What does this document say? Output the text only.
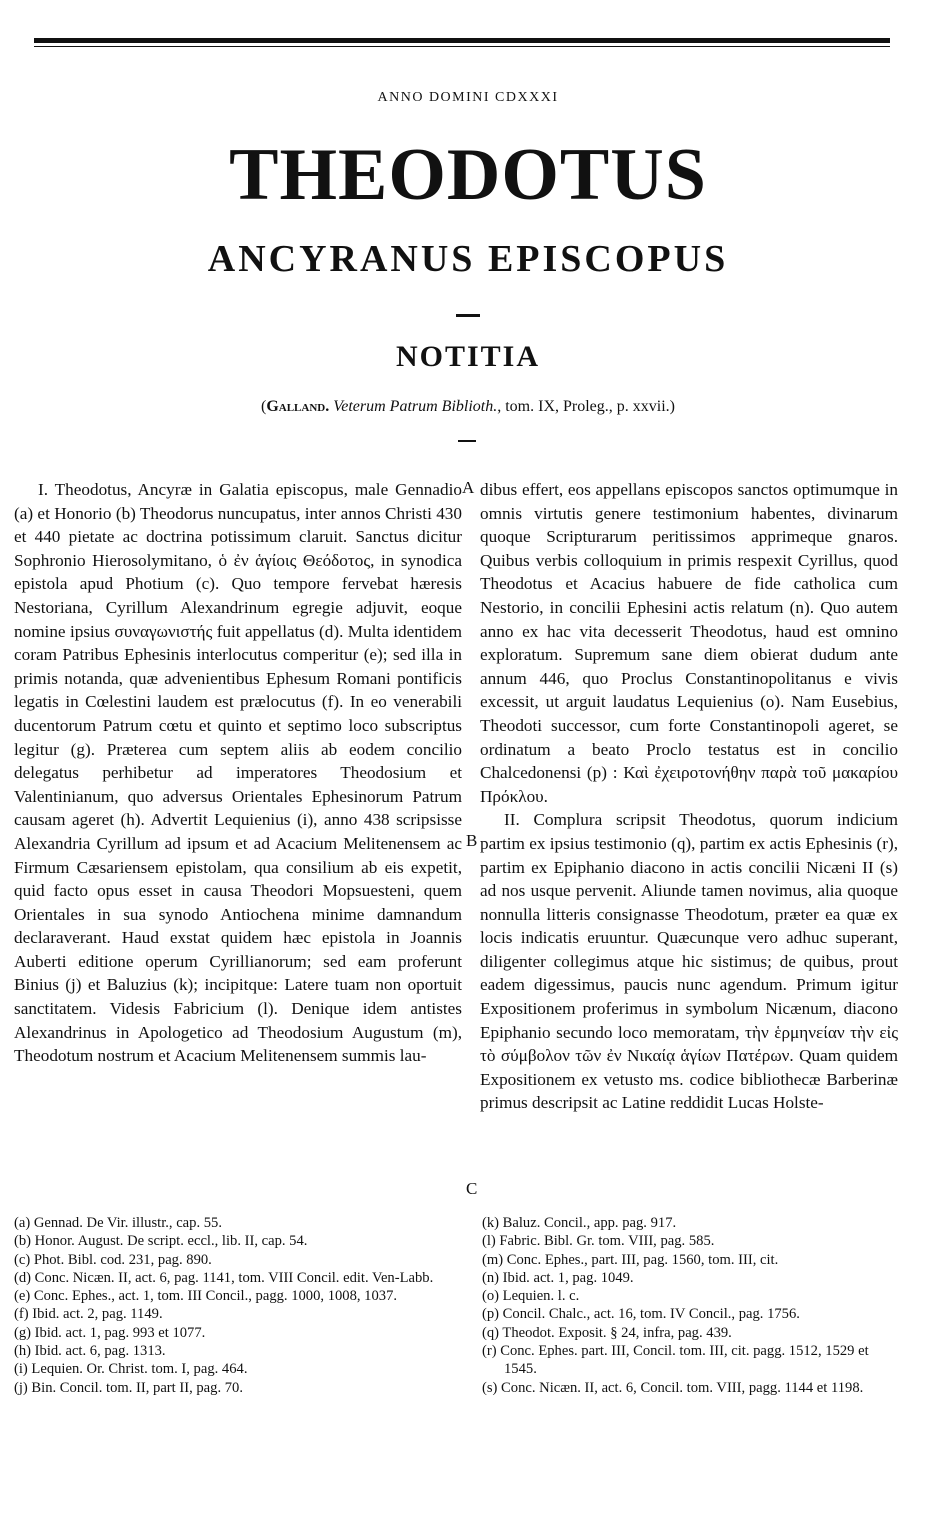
ANNO DOMINI CDXXXI
THEODOTUS
ANCYRANUS EPISCOPUS
NOTITIA
(Galland. Veterum Patrum Biblioth., tom. IX, Proleg., p. xxvii.)

I. Theodotus, Ancyræ in Galatia episcopus, male Gennadio (a) et Honorio (b) Theodorus nuncupatus, inter annos Christi 430 et 440 pietate ac doctrina potissimum claruit. Sanctus dicitur Sophronio Hierosolymitano, ὁ ἐν ἁγίοις Θεόδοτος, in synodica epistola apud Photium (c). Quo tempore fervebat hæresis Nestoriana, Cyrillum Alexandrinum egregie adjuvit, eoque nomine ipsius συναγωνιστής fuit appellatus (d). Multa identidem coram Patribus Ephesinis interlocutus comperitur (e); sed illa in primis notanda, quæ advenientibus Ephesum Romani pontificis legatis in Cœlestini laudem est prælocutus (f). In eo venerabili ducentorum Patrum cœtu et quinto et septimo loco subscriptus legitur (g). Præterea cum septem aliis ab eodem concilio delegatus perhibetur ad imperatores Theodosium et Valentinianum, quo adversus Orientales Ephesinorum Patrum causam ageret (h). Advertit Lequienius (i), anno 438 scripsisse Alexandria Cyrillum ad ipsum et ad Acacium Melitenensem ac Firmum Cæsariensem epistolam, qua consilium ab eis expetit, quid facto opus esset in causa Theodori Mopsuesteni, quem Orientales in sua synodo Antiochena minime damnandum declaraverant. Haud exstat quidem hæc epistola in Joannis Auberti editione operum Cyrillianorum; sed eam proferunt Binius (j) et Baluzius (k); incipitque: Latere tuam non oportuit sanctitatem. Videsis Fabricium (l). Denique idem antistes Alexandrinus in Apologetico ad Theodosium Augustum (m), Theodotum nostrum et Acacium Melitenensem summis lau-

A
B
C

dibus effert, eos appellans episcopos sanctos optimumque in omnis virtutis genere testimonium habentes, divinarum quoque Scripturarum peritissimos apprimeque gnaros. Quibus verbis colloquium in primis respexit Cyrillus, quod Theodotus et Acacius habuere de fide catholica cum Nestorio, in concilii Ephesini actis relatum (n). Quo autem anno ex hac vita decesserit Theodotus, haud est omnino exploratum. Supremum sane diem obierat dudum ante annum 446, quo Proclus Constantinopolitanus e vivis excessit, ut arguit laudatus Lequienius (o). Nam Eusebius, Theodoti successor, cum forte Constantinopoli ageret, se ordinatum a beato Proclo testatus est in concilio Chalcedonensi (p) : Καὶ ἐχειροτονήθην παρὰ τοῦ μακαρίου Πρόκλου.

II. Complura scripsit Theodotus, quorum indicium partim ex ipsius testimonio (q), partim ex actis Ephesinis (r), partim ex Epiphanio diacono in actis concilii Nicæni II (s) ad nos usque pervenit. Aliunde tamen novimus, alia quoque nonnulla litteris consignasse Theodotum, præter ea quæ ex locis indicatis eruuntur. Quæcunque vero adhuc superant, diligenter collegimus atque hic sistimus; de quibus, prout eadem digessimus, paucis nunc agendum. Primum igitur Expositionem proferimus in symbolum Nicænum, diacono Epiphanio secundo loco memoratam, τὴν ἑρμηνείαν τὴν εἰς τὸ σύμβολον τῶν ἐν Νικαίᾳ ἁγίων Πατέρων. Quam quidem Expositionem ex vetusto ms. codice bibliothecæ Barberinæ primus descripsit ac Latine reddidit Lucas Holste-

(a) Gennad. De Vir. illustr., cap. 55.
(b) Honor. August. De script. eccl., lib. II, cap. 54.
(c) Phot. Bibl. cod. 231, pag. 890.
(d) Conc. Nicæn. II, act. 6, pag. 1141, tom. VIII Concil. edit. Ven-Labb.
(e) Conc. Ephes., act. 1, tom. III Concil., pagg. 1000, 1008, 1037.
(f) Ibid. act. 2, pag. 1149.
(g) Ibid. act. 1, pag. 993 et 1077.
(h) Ibid. act. 6, pag. 1313.
(i) Lequien. Or. Christ. tom. I, pag. 464.
(j) Bin. Concil. tom. II, part II, pag. 70.
(k) Baluz. Concil., app. pag. 917.
(l) Fabric. Bibl. Gr. tom. VIII, pag. 585.
(m) Conc. Ephes., part. III, pag. 1560, tom. III, cit.
(n) Ibid. act. 1, pag. 1049.
(o) Lequien. l. c.
(p) Concil. Chalc., act. 16, tom. IV Concil., pag. 1756.
(q) Theodot. Exposit. § 24, infra, pag. 439.
(r) Conc. Ephes. part. III, Concil. tom. III, cit. pagg. 1512, 1529 et 1545.
(s) Conc. Nicæn. II, act. 6, Concil. tom. VIII, pagg. 1144 et 1198.
